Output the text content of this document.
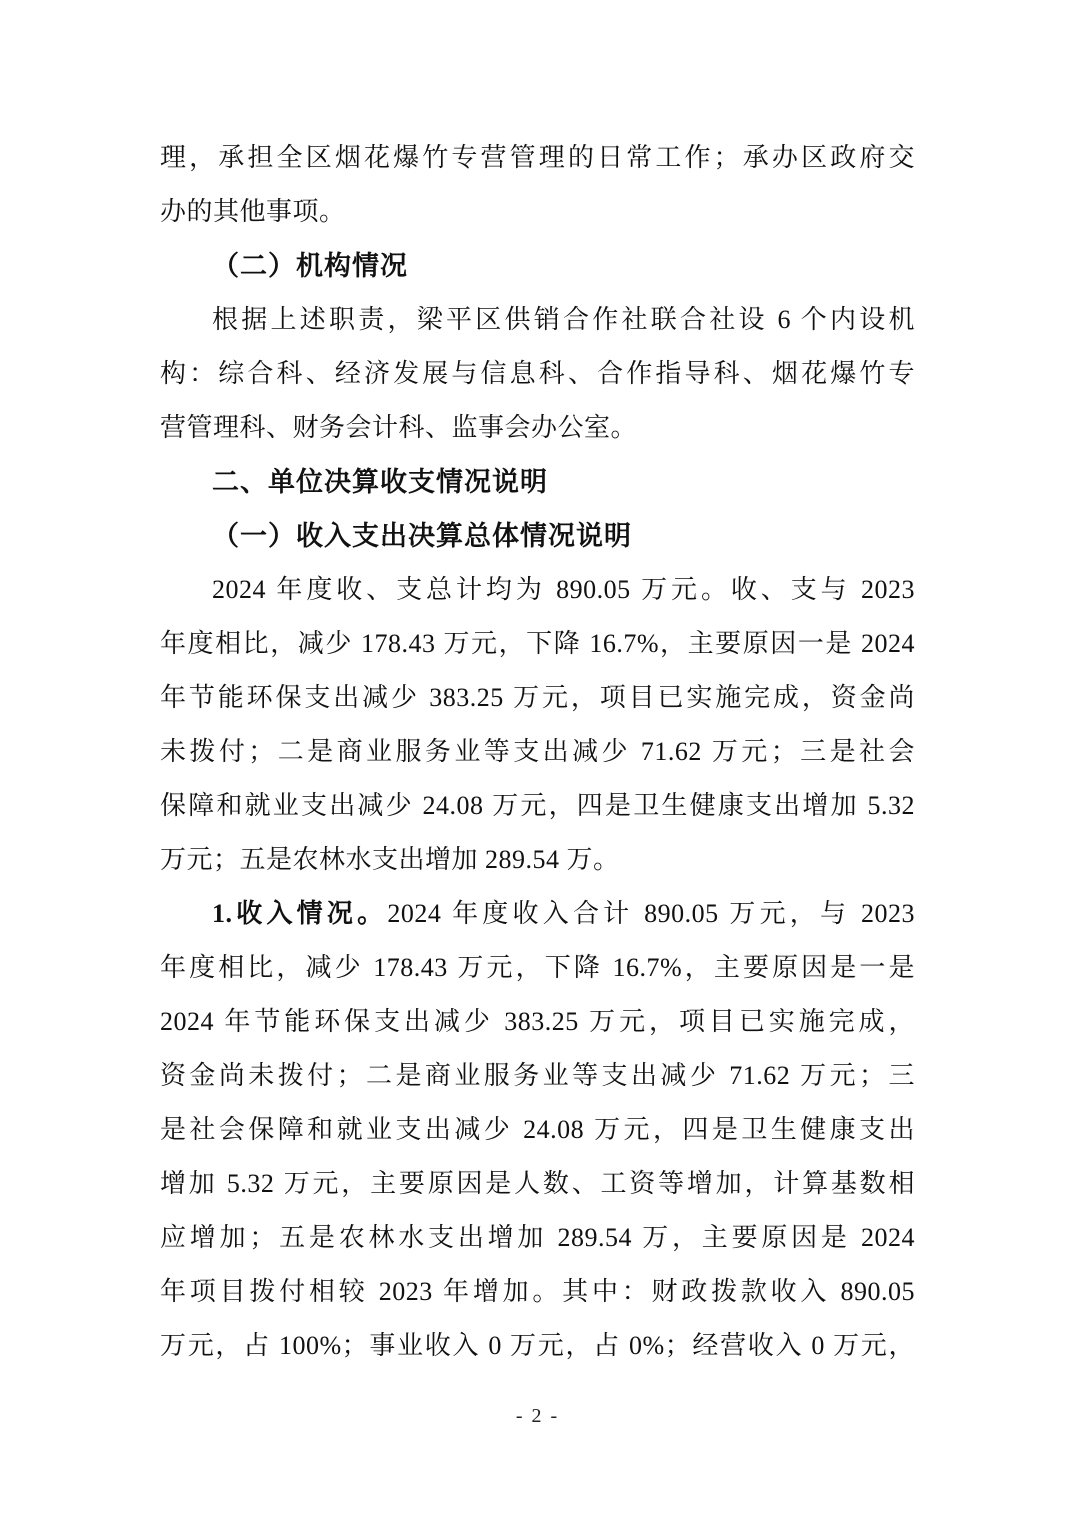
理，承担全区烟花爆竹专营管理的日常工作；承办区政府交
办的其他事项。
（二）机构情况
根据上述职责，梁平区供销合作社联合社设 6 个内设机
构：综合科、经济发展与信息科、合作指导科、烟花爆竹专
营管理科、财务会计科、监事会办公室。
二、单位决算收支情况说明
（一）收入支出决算总体情况说明
2024 年度收、支总计均为 890.05 万元。收、支与 2023
年度相比，减少 178.43 万元，下降 16.7%，主要原因一是 2024
年节能环保支出减少 383.25 万元，项目已实施完成，资金尚
未拨付；二是商业服务业等支出减少 71.62 万元；三是社会
保障和就业支出减少 24.08 万元，四是卫生健康支出增加 5.32
万元；五是农林水支出增加 289.54 万。
1.收入情况。2024 年度收入合计 890.05 万元，与 2023
年度相比，减少 178.43 万元，下降 16.7%，主要原因是一是
2024 年节能环保支出减少 383.25 万元，项目已实施完成，
资金尚未拨付；二是商业服务业等支出减少 71.62 万元；三
是社会保障和就业支出减少 24.08 万元，四是卫生健康支出
增加 5.32 万元，主要原因是人数、工资等增加，计算基数相
应增加；五是农林水支出增加 289.54 万，主要原因是 2024
年项目拨付相较 2023 年增加。其中：财政拨款收入 890.05
万元，占 100%；事业收入 0 万元，占 0%；经营收入 0 万元，
- 2 -
